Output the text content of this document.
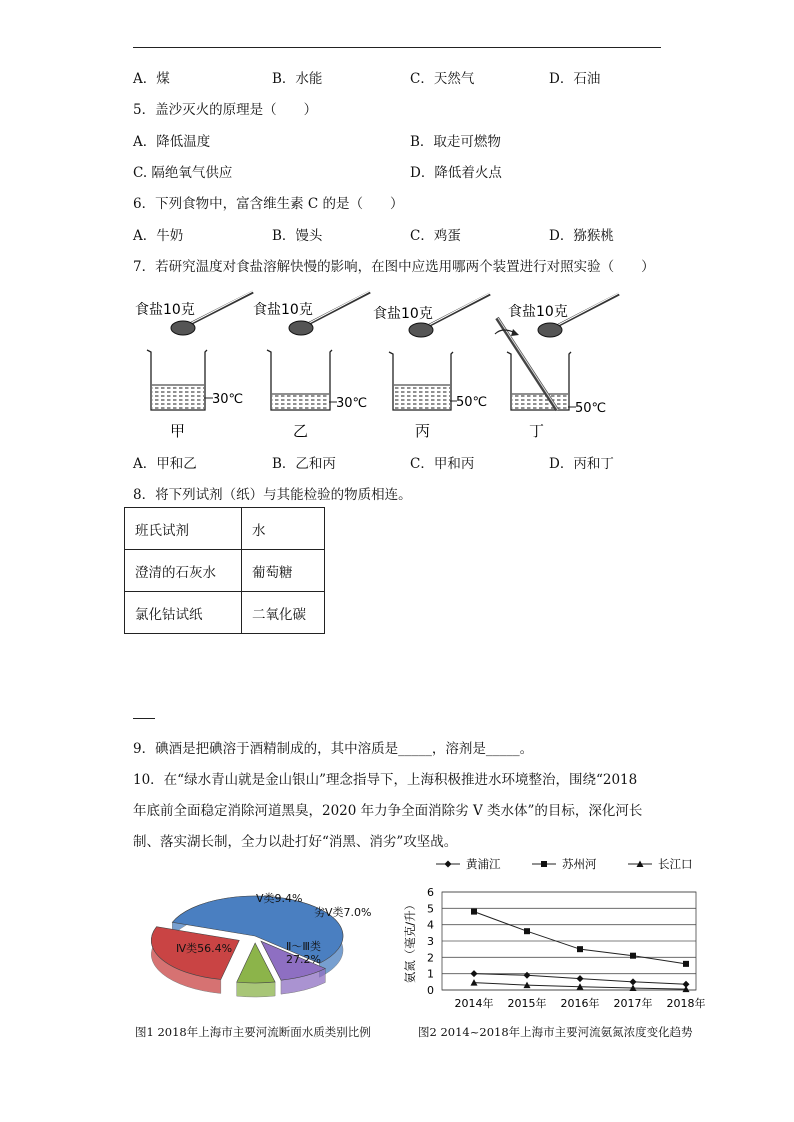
A．煤	B．水能	C．天然气	D．石油
5．盖沙灭火的原理是（　　）
A．降低温度	B．取走可燃物
C. 隔绝氧气供应	D．降低着火点
6．下列食物中，富含维生素 C 的是（　　）
A．牛奶	B．馒头	C．鸡蛋	D．猕猴桃
7．若研究温度对食盐溶解快慢的影响，在图中应选用哪两个装置进行对照实验（　　）
食盐10克
30℃
甲
食盐10克
30℃
乙
食盐10克
50℃
丙
食盐10克
50℃
丁
A．甲和乙	B．乙和丙	C．甲和丙	D．丙和丁
8．将下列试剂（纸）与其能检验的物质相连。
班氏试剂	水
澄清的石灰水	葡萄糖
氯化钴试纸	二氧化碳
9．碘酒是把碘溶于酒精制成的，其中溶质是_____，溶剂是_____。
10．在“绿水青山就是金山银山”理念指导下，上海积极推进水环境整治，围绕“2018
年底前全面稳定消除河道黑臭，2020 年力争全面消除劣 V 类水体”的目标，深化河长
制、落实湖长制，全力以赴打好“消黑、消劣”攻坚战。
Ⅳ类56.4%
Ⅴ类9.4%
劣Ⅴ类7.0%
Ⅱ～Ⅲ类 27.2%
图1 2018年上海市主要河流断面水质类别比例
黄浦江	苏州河	长江口
0
1
2
3
4
5
6
氨氮（毫克/升）
2014年 2015年 2016年 2017年 2018年
图2 2014~2018年上海市主要河流氨氮浓度变化趋势
